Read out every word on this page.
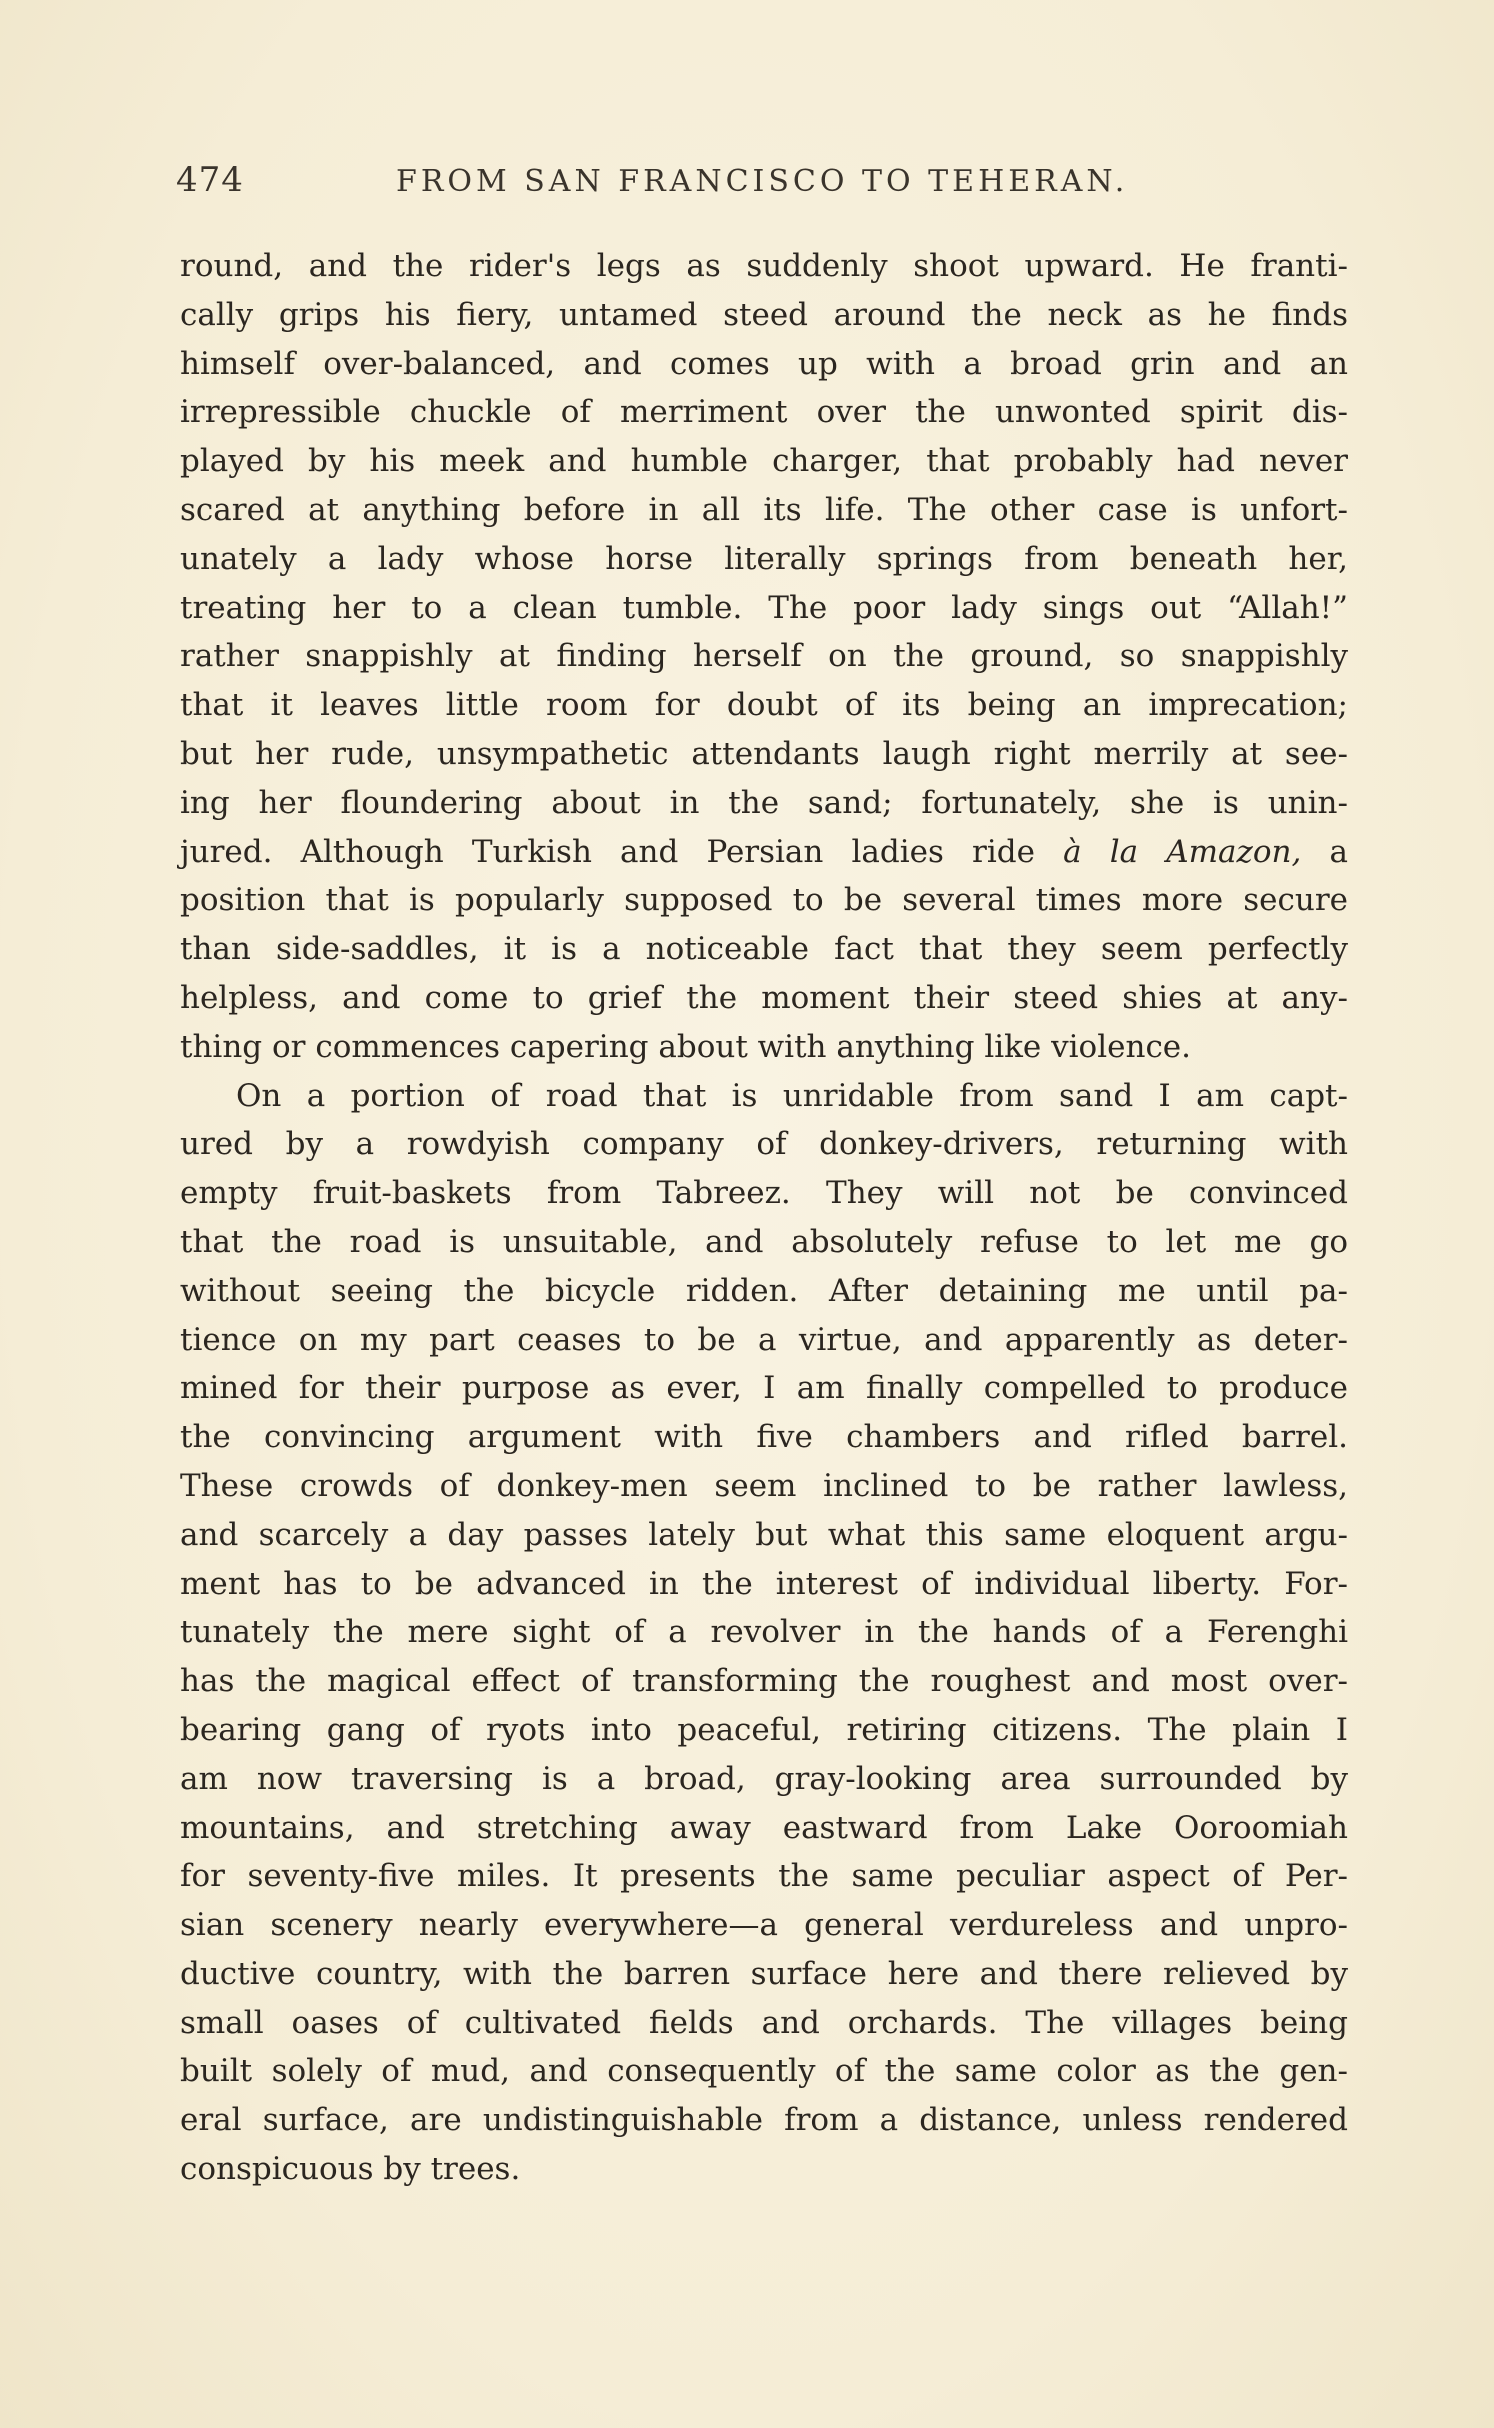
474	FROM SAN FRANCISCO TO TEHERAN.
round, and the rider's legs as suddenly shoot upward. He franti-
cally grips his fiery, untamed steed around the neck as he finds
himself over-balanced, and comes up with a broad grin and an
irrepressible chuckle of merriment over the unwonted spirit dis-
played by his meek and humble charger, that probably had never
scared at anything before in all its life. The other case is unfort-
unately a lady whose horse literally springs from beneath her,
treating her to a clean tumble. The poor lady sings out “Allah!”
rather snappishly at finding herself on the ground, so snappishly
that it leaves little room for doubt of its being an imprecation;
but her rude, unsympathetic attendants laugh right merrily at see-
ing her floundering about in the sand; fortunately, she is unin-
jured. Although Turkish and Persian ladies ride à la Amazon, a
position that is popularly supposed to be several times more secure
than side-saddles, it is a noticeable fact that they seem perfectly
helpless, and come to grief the moment their steed shies at any-
thing or commences capering about with anything like violence.
On a portion of road that is unridable from sand I am capt-
ured by a rowdyish company of donkey-drivers, returning with
empty fruit-baskets from Tabreez. They will not be convinced
that the road is unsuitable, and absolutely refuse to let me go
without seeing the bicycle ridden. After detaining me until pa-
tience on my part ceases to be a virtue, and apparently as deter-
mined for their purpose as ever, I am finally compelled to produce
the convincing argument with five chambers and rifled barrel.
These crowds of donkey-men seem inclined to be rather lawless,
and scarcely a day passes lately but what this same eloquent argu-
ment has to be advanced in the interest of individual liberty. For-
tunately the mere sight of a revolver in the hands of a Ferenghi
has the magical effect of transforming the roughest and most over-
bearing gang of ryots into peaceful, retiring citizens. The plain I
am now traversing is a broad, gray-looking area surrounded by
mountains, and stretching away eastward from Lake Ooroomiah
for seventy-five miles. It presents the same peculiar aspect of Per-
sian scenery nearly everywhere—a general verdureless and unpro-
ductive country, with the barren surface here and there relieved by
small oases of cultivated fields and orchards. The villages being
built solely of mud, and consequently of the same color as the gen-
eral surface, are undistinguishable from a distance, unless rendered
conspicuous by trees.
